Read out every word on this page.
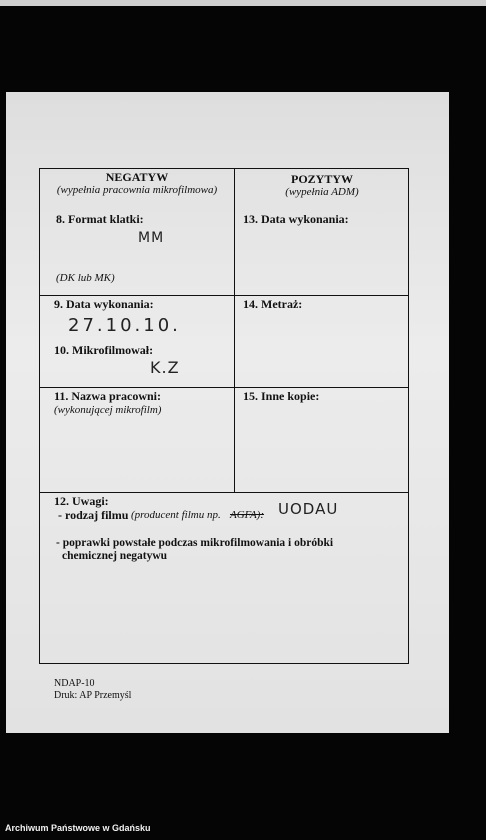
NEGATYW
(wypełnia pracownia mikrofilmowa)
8. Format klatki:
MM
(DK lub MK)
9. Data wykonania:
27.10.10.
10. Mikrofilmował:
K.Z
11. Nazwa pracowni:
(wykonującej mikrofilm)
POZYTYW
(wypełnia ADM)
13. Data wykonania:
14. Metraż:
15. Inne kopie:
12. Uwagi:
- rodzaj filmu (producent filmu np. AGFA): UODAU
- poprawki powstałe podczas mikrofilmowania i obróbki
chemicznej negatywu
NDAP-10
Druk: AP Przemyśl
Archiwum Państwowe w Gdańsku
